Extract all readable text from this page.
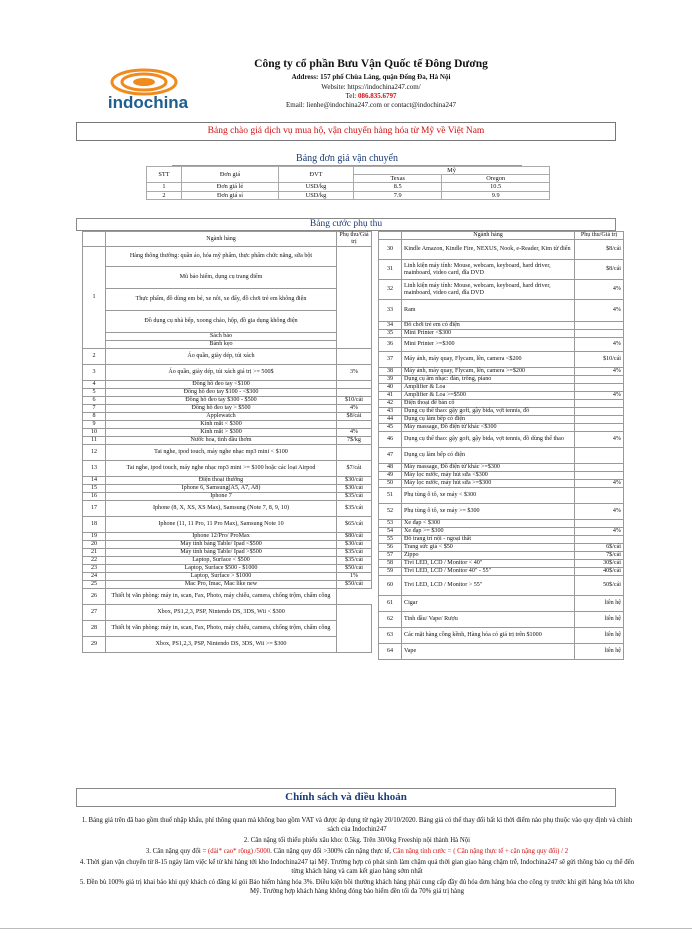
indochina
Công ty cổ phần Bưu Vận Quốc tế Đông Dương
Address: 157 phố Chùa Láng, quận Đống Đa, Hà Nội
Website: https://indochina247.com/
Tel: 086.835.6797
Email: lienhe@indochina247.com or contact@indochina247
Bảng chào giá dịch vụ mua hộ, vận chuyển hàng hóa từ Mỹ về Việt Nam
Bảng đơn giá vận chuyển
STT	Đơn giá	ĐVT	Mỹ	
			Texas	Oregon
1	Đơn giá lẻ	USD/kg	8.5	10.5
2	Đơn giá sỉ	USD/kg	7.9	9.9
Bảng cước phụ thu
	Ngành hàng	Phụ thu/Giá trị
1	Hàng thông thường: quần áo, hóa mỹ phẩm, thực phẩm chức năng, sữa bột	
	Mũ bảo hiểm, dụng cụ trang điểm	
	Thực phẩm, đồ dùng em bé, xe nôi, xe đẩy, đồ chơi trẻ em không điện	
	Đồ dụng cụ nhà bếp, xoong chảo, hộp, đồ gia dụng không điện	
	Sách báo	
	Bánh kẹo	
2	Áo quần, giày dép, túi xách	
3	Áo quần, giày dép, túi xách giá trị >= 500$	3%
4	Đồng hồ đeo tay <$100	
5	Đồng hồ đeo tay $100 - <$300	
6	Đồng hồ đeo tay $300 - $500	$10/cái
7	Đồng hồ đeo tay > $500	4%
8	Applewatch	$8/cái
9	Kính mắt < $300	
10	Kính mắt > $300	4%
11	Nước hoa, tinh dầu thơm	7$/kg
12	Tai nghe, ipod touch, máy nghe nhạc mp3 mini < $100	
13	Tai nghe, ipod touch, máy nghe nhạc mp3 mini >= $100 hoặc các loại Airpod	$7/cái
14	Điện thoại thường	$30/cái
15	Iphone 6, Samsung(A5, A7, A8)	$30/cái
16	Iphone 7	$35/cái
17	Iphone (8, X, XS, XS Max), Samsung (Note 7, 8, 9, 10)	$35/cái
18	Iphone (11, 11 Pro, 11 Pro Max), Samsung Note 10	$65/cái
19	Iphone 12/Pro/ ProMax	$80/cái
20	Máy tính bảng Table/ Ipad <$500	$30/cái
21	Máy tính bảng Table/ Ipad >$500	$35/cái
22	Laptop, Surface < $500	$35/cái
23	Laptop, Surface $500 - $1000	$50/cái
24	Laptop, Surface > $1000	1%
25	Mac Pro, Imac, Mac like new	$50/cái
26	Thiết bị văn phòng: máy in, scan, Fax, Photo, máy chiếu, camera, chống trộm, chấm công	
27	Xbox, PS1,2,3, PSP, Nintendo DS, 3DS, Wii < $300	
28	Thiết bị văn phòng: máy in, scan, Fax, Photo, máy chiếu, camera, chống trộm, chấm công	
29	Xbox, PS1,2,3, PSP, Nintendo DS, 3DS, Wii >= $300	
	Ngành hàng	Phụ thu/Giá trị
30	Kindle Amazon, Kindle Fire, NEXUS, Nook, e-Reader, Kim từ điển	$8/cái
31	Linh kiện máy tính: Mouse, webcam, keyboard, hard driver, mainboard, video card, đĩa DVD	$8/cái
32	Linh kiện máy tính: Mouse, webcam, keyboard, hard driver, mainboard, video card, đĩa DVD	4%
33	Ram	4%
34	Đồ chơi trẻ em có điện	
35	Mini Printer <$300	
36	Mini Printer >=$300	4%
37	Máy ảnh, máy quay, Flycam, lên, camera <$200	$10/cái
38	Máy ảnh, máy quay, Flycam, lên, camera >=$200	4%
39	Dụng cụ âm nhạc: đàn, trống, piano	
40	Amplifier & Loa	
41	Amplifier & Loa >=$500	4%
42	Điện thoại để bàn cố	
43	Dụng cụ thể thao: gậy goft, gậy bida, vợt tennis, đồ	
44	Dụng cụ làm bếp có điện	
45	Máy massage, Đồ điện tử khác <$300	
46	Dụng cụ thể thao: gậy goft, gậy bida, vợt tennis, đồ dùng thể thao	4%
47	Dụng cụ làm bếp có điện	
48	Máy massage, Đồ điện tử khác >=$300	
49	Máy lọc nước, máy hút sữa <$300	
50	Máy lọc nước, máy hút sữa >=$300	4%
51	Phụ tùng ô tô, xe máy < $300	
52	Phụ tùng ô tô, xe máy >= $300	4%
53	Xe đạp < $300	
54	Xe đạp >= $300	4%
55	Đồ trang trí nội - ngoại thất	
56	Trang sức giá < $50	6$/cái
57	Zippo	7$/cái
58	Tivi LED, LCD / Monitor < 40"	30$/cái
59	Tivi LED, LCD / Monitor 40" - 55"	40$/cái
60	Tivi LED, LCD / Monitor > 55"	50$/cái
61	Cigar	liên hệ
62	Tinh dầu/ Vape/ Rượu	liên hệ
63	Các mặt hàng cồng kềnh, Hàng hóa có giá trị trên $1000	liên hệ
64	Vape	liên hệ
Chính sách và điều khoản

1. Bảng giá trên đã bao gồm thuế nhập khẩu, phí thông quan mà không bao gồm VAT và được áp dụng từ ngày 20/10/2020. Bảng giá có thể thay đổi bất kì thời điểm nào phụ thuộc vào quy định và chính sách của Indochin247

2. Cân nặng tối thiểu phiếu xâu kho: 0.5kg. Trên 30/0kg Freeship nội thành Hà Nội

3. Cân nặng quy đổi = (dài* cao* rộng) /5000. Cân nặng quy đổi >300% cân nặng thực tế, Cân nặng tính cước = ( Cân nặng thực tế + cân nặng quy đổi) / 2

4. Thời gian vận chuyển từ 8-15 ngày làm việc kể từ khi hàng tới kho Indochina247 tại Mỹ. Trường hợp có phát sinh làm chậm quá thời gian giao hàng chậm trễ, Indochina247 sẽ gửi thông báo cụ thể đến từng khách hàng và cam kết giao hàng sớm nhất

5. Đền bù 100% giá trị khai báo khi quý khách có đăng kí gói Bảo hiểm hàng hóa 3%. Điều kiện bồi thường khách hàng phải cung cấp đầy đủ hóa đơn hàng hóa cho công ty trước khi gửi hàng hóa tới kho Mỹ. Trường hợp khách hàng không đóng bảo hiểm đền tối đa 70% giá trị hàng
